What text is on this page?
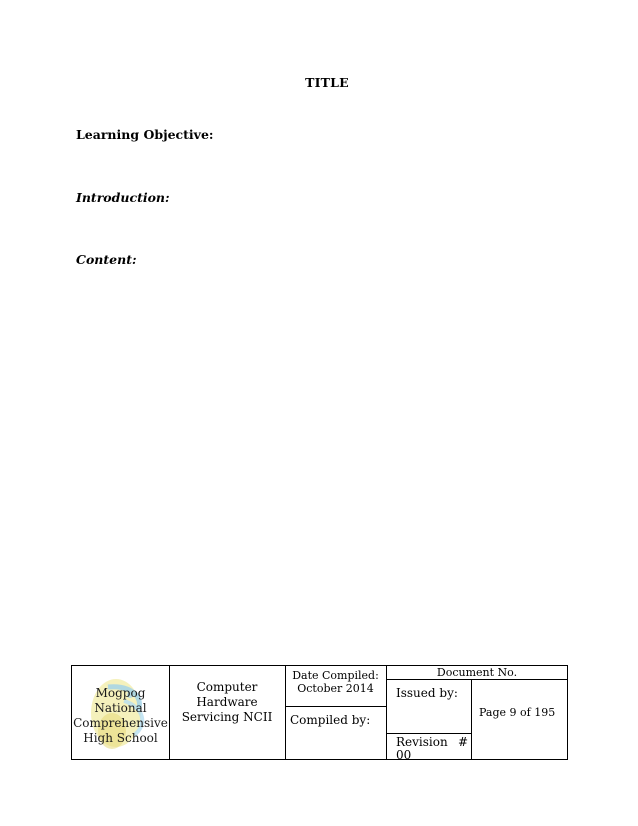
TITLE
Learning Objective:
Introduction:
Content:
Mogpog
National
Comprehensive
High School
Computer
Hardware
Servicing NCII
Date Compiled:
October 2014
Compiled by:
Document No.
Issued by:
Revision #
00
Page 9 of 195
